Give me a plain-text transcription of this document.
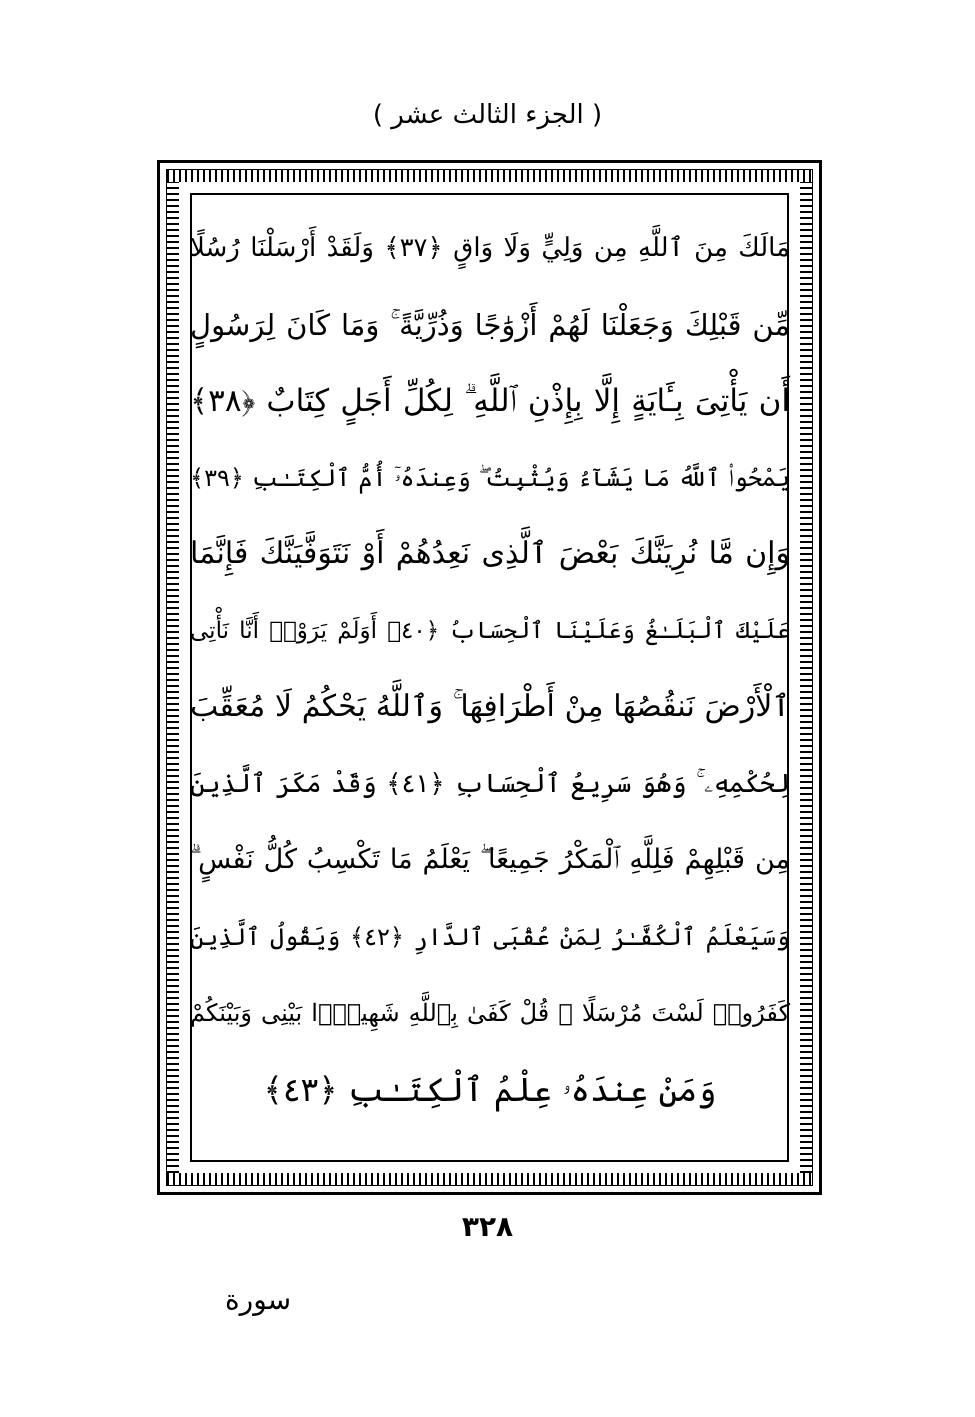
( الجزء الثالث عشر )
مَالَكَ مِنَ ٱللَّهِ مِن وَلِيٍّ وَلَا وَاقٍ ﴿٣٧﴾ وَلَقَدْ أَرْسَلْنَا رُسُلًا
مِّن قَبْلِكَ وَجَعَلْنَا لَهُمْ أَزْوَٰجًا وَذُرِّيَّةً ۚ وَمَا كَانَ لِرَسُولٍ
أَن يَأْتِىَ بِـَٔايَةٍ إِلَّا بِإِذْنِ ٱللَّهِ ۗ لِكُلِّ أَجَلٍ كِتَابٌ ﴿٣٨﴾
يَمْحُوا۟ ٱللَّهُ مَا يَشَآءُ وَيُثْبِتُ ۖ وَعِندَهُۥٓ أُمُّ ٱلْكِتَـٰبِ ﴿٣٩﴾
وَإِن مَّا نُرِيَنَّكَ بَعْضَ ٱلَّذِى نَعِدُهُمْ أَوْ نَتَوَفَّيَنَّكَ فَإِنَّمَا
عَلَيْكَ ٱلْبَلَـٰغُ وَعَلَيْنَا ٱلْحِسَابُ ﴿٤٠﴾ أَوَلَمْ يَرَوْا۟ أَنَّا نَأْتِى
ٱلْأَرْضَ نَنقُصُهَا مِنْ أَطْرَافِهَا ۚ وَٱللَّهُ يَحْكُمُ لَا مُعَقِّبَ
لِحُكْمِهِۦ ۚ وَهُوَ سَرِيعُ ٱلْحِسَابِ ﴿٤١﴾ وَقَدْ مَكَرَ ٱلَّذِينَ
مِن قَبْلِهِمْ فَلِلَّهِ ٱلْمَكْرُ جَمِيعًا ۖ يَعْلَمُ مَا تَكْسِبُ كُلُّ نَفْسٍ ۗ
وَسَيَعْلَمُ ٱلْكُفَّـٰرُ لِمَنْ عُقْبَى ٱلدَّارِ ﴿٤٢﴾ وَيَقُولُ ٱلَّذِينَ
كَفَرُوا۟ لَسْتَ مُرْسَلًا ۚ قُلْ كَفَىٰ بِٱللَّهِ شَهِيدًۢا بَيْنِى وَبَيْنَكُمْ
وَمَنْ عِندَهُۥ عِلْمُ ٱلْكِتَـٰبِ ﴿٤٣﴾
٣٢٨
سورة
